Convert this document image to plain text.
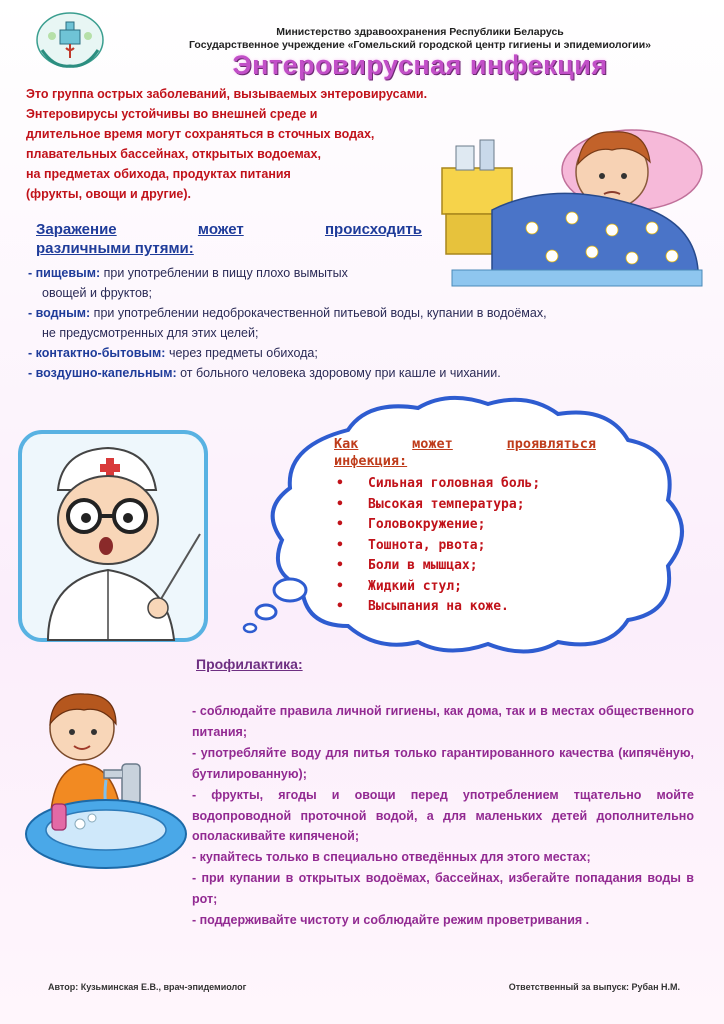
Министерство здравоохранения Республики Беларусь
Государственное учреждение «Гомельский городской центр гигиены и эпидемиологии»
Энтеровирусная инфекция

Это группа острых заболеваний, вызываемых энтеровирусами.

Энтеровирусы устойчивы во внешней среде и

длительное время могут сохраняться в сточных водах,

плавательных бассейнах, открытых водоемах,

на предметах обихода, продуктах питания

(фрукты, овощи и другие).

Заражение	может	происходить
различными путями:
- пищевым: при употреблении в пищу плохо вымытых
овощей и фруктов;
- водным: при употреблении недоброкачественной питьевой воды, купании в водоёмах,
не предусмотренных для этих целей;
- контактно-бытовым: через предметы обихода;
- воздушно-капельным: от больного человека здоровому при кашле и чихании.
Как	может	проявляться
инфекция:
• Сильная головная боль;
• Высокая температура;
• Головокружение;
• Тошнота, рвота;
• Боли в мышцах;
• Жидкий стул;
• Высыпания на коже.
Профилактика:

- соблюдайте правила личной гигиены, как дома, так и в местах общественного питания;

- употребляйте воду для питья только гарантированного качества (кипячёную, бутилированную);

- фрукты, ягоды и овощи перед употреблением тщательно мойте водопроводной проточной водой, а для маленьких детей дополнительно ополаскивайте кипяченой;

- купайтесь только в специально отведённых для этого местах;

- при купании в открытых водоёмах, бассейнах, избегайте попадания воды в рот;

- поддерживайте чистоту и соблюдайте режим проветривания .

Автор: Кузьминская Е.В., врач-эпидемиолог	Ответственный за выпуск: Рубан Н.М.
